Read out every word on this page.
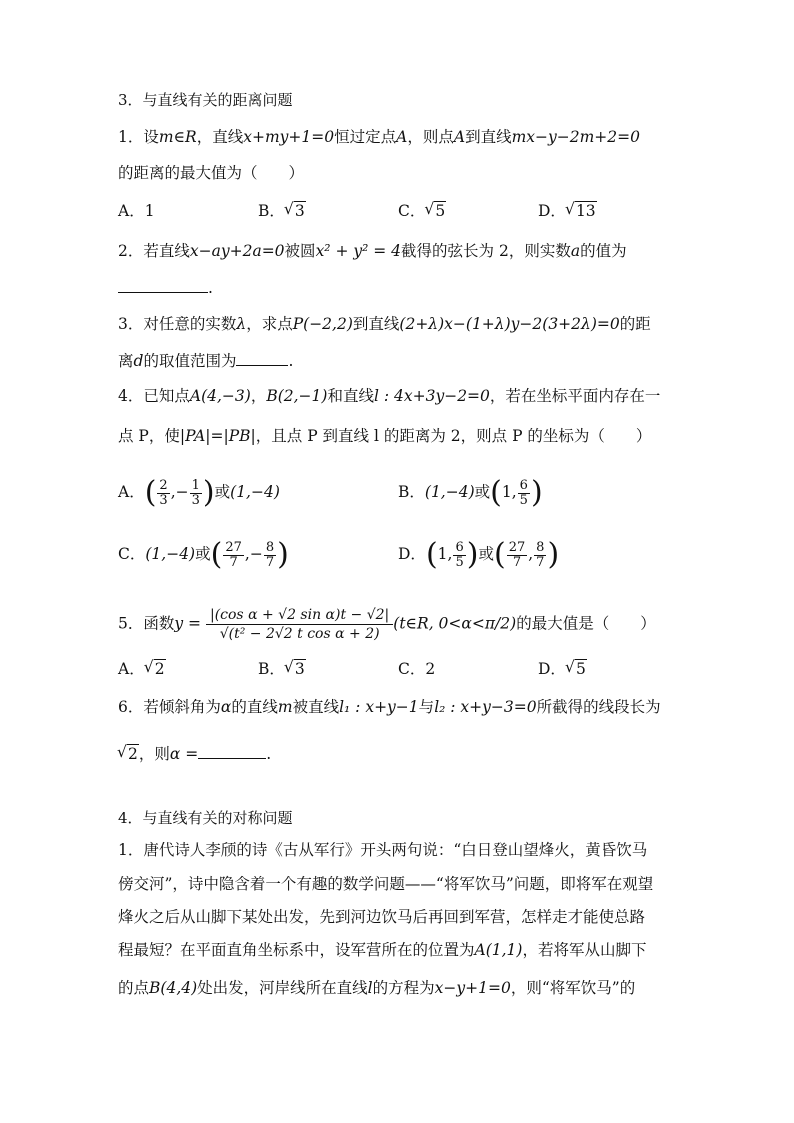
3．与直线有关的距离问题
1．设m∈R，直线x+my+1=0恒过定点A，则点A到直线mx−y−2m+2=0
的距离的最大值为（　　）
A．1	B． √ 3	C． √ 5	D． √ 13
2．若直线x−ay+2a=0被圆x² + y² = 4截得的弦长为 2，则实数a的值为
.
3．对任意的实数λ，求点P(−2,2)到直线(2+λ)x−(1+λ)y−2(3+2λ)=0的距
离d的取值范围为	.
4．已知点A(4,−3)，B(2,−1)和直线l : 4x+3y−2=0，若在坐标平面内存在一
点 P，使|PA|=|PB|，且点 P 到直线 l 的距离为 2，则点 P 的坐标为（　　）
A．( $\frac{2}{3}$ ,− $\frac{1}{3}$ )或(1,−4)	B．(1,−4)或(1, $\frac{6}{5}$ )
C．(1,−4)或( $\frac{27}{7}$ ,− $\frac{8}{7}$ )	D．(1, $\frac{6}{5}$ )或( $\frac{27}{7}$ , $\frac{8}{7}$ )
5．函数$y = \frac{\text{|(cos α + √2 sin α)t − √2|}}{\text{√(t² − 2√2 t cos α + 2)}}$ (t∈R, 0<α<π/2)的最大值是（　　）
A． √ 2	B． √ 3	C．2	D． √ 5
6．若倾斜角为α的直线m被直线l₁ : x+y−1与l₂ : x+y−3=0所截得的线段长为
√ 2，则α =	.
4．与直线有关的对称问题
1．唐代诗人李颀的诗《古从军行》开头两句说：“白日登山望烽火，黄昏饮马
傍交河”，诗中隐含着一个有趣的数学问题——“将军饮马”问题，即将军在观望
烽火之后从山脚下某处出发，先到河边饮马后再回到军营，怎样走才能使总路
程最短？在平面直角坐标系中，设军营所在的位置为A(1,1)，若将军从山脚下
的点B(4,4)处出发，河岸线所在直线l的方程为x−y+1=0，则“将军饮马”的
